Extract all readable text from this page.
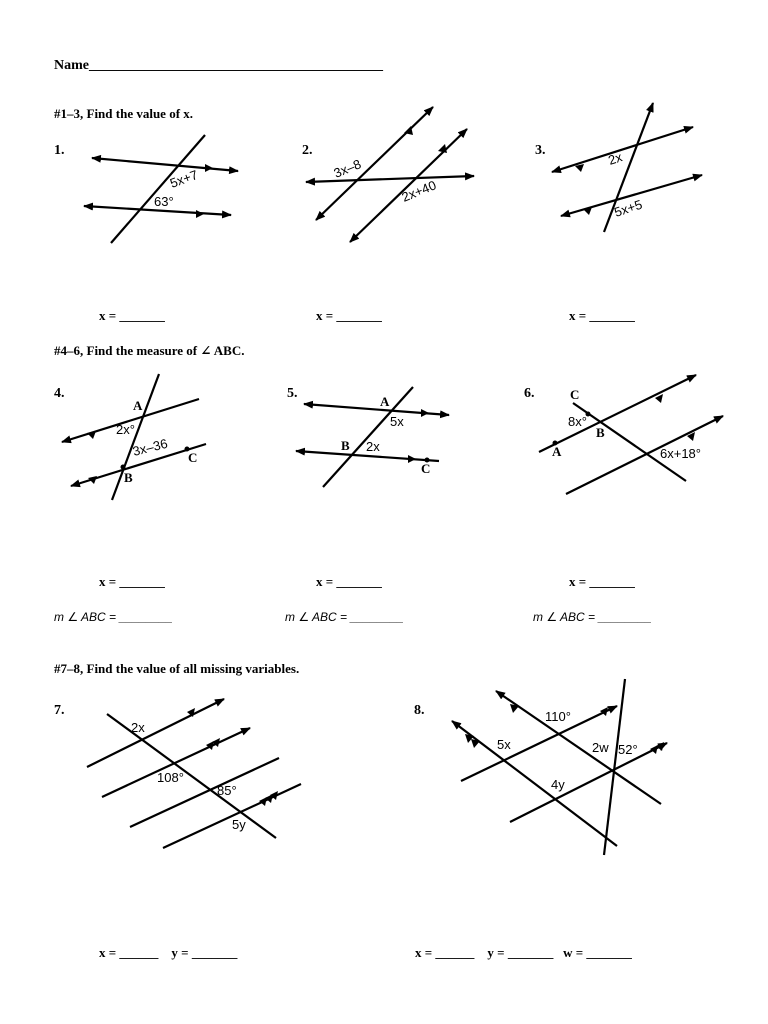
Name__________________________________________
#1–3, Find the value of x.
1.	2.	3.
x = _______	x = _______	x = _______
#4–6, Find the measure of ∠ ABC.
4.	5.	6.
x = _______	x = _______	x = _______
m ∠ ABC = ________	m ∠ ABC = ________	m ∠ ABC = ________
#7–8, Find the value of all missing variables.
7.	8.
x = ______    y = _______	x = ______    y = _______   w = _______
5x+7
63°
3x–8
2x+40
2x
5x+5
A
B
C
2x°
3x–36
A
B
C
5x
2x
C
B
A
8x°
6x+18°
2x
108°
85°
5y
110°
5x	2w 52°
4y
